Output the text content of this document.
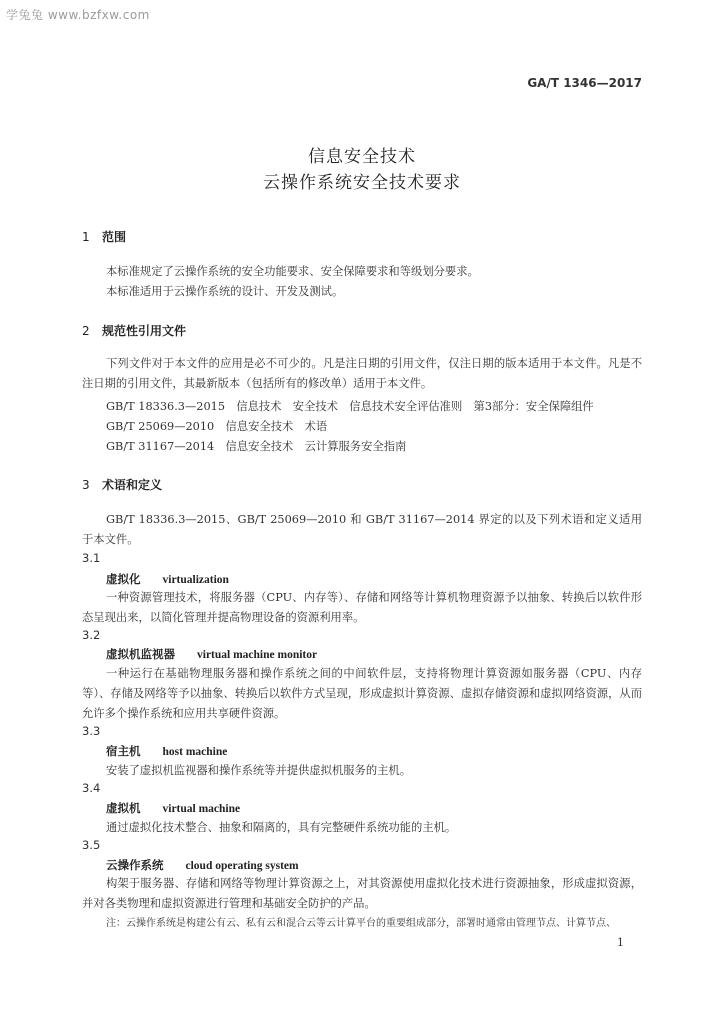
学兔兔 www.bzfxw.com
GA/T 1346—2017
信息安全技术
云操作系统安全技术要求
1 范围
本标准规定了云操作系统的安全功能要求、安全保障要求和等级划分要求。
本标准适用于云操作系统的设计、开发及测试。
2 规范性引用文件
下列文件对于本文件的应用是必不可少的。凡是注日期的引用文件，仅注日期的版本适用于本文件。凡是不注日期的引用文件，其最新版本（包括所有的修改单）适用于本文件。
GB/T 18336.3—2015　信息技术　安全技术　信息技术安全评估准则　第3部分：安全保障组件
GB/T 25069—2010　信息安全技术　术语
GB/T 31167—2014　信息安全技术　云计算服务安全指南
3 术语和定义
GB/T 18336.3—2015、GB/T 25069—2010 和 GB/T 31167—2014 界定的以及下列术语和定义适用于本文件。
3.1
虚拟化 virtualization
一种资源管理技术，将服务器（CPU、内存等）、存储和网络等计算机物理资源予以抽象、转换后以软件形态呈现出来，以简化管理并提高物理设备的资源利用率。
3.2
虚拟机监视器 virtual machine monitor
一种运行在基础物理服务器和操作系统之间的中间软件层，支持将物理计算资源如服务器（CPU、内存等）、存储及网络等予以抽象、转换后以软件方式呈现，形成虚拟计算资源、虚拟存储资源和虚拟网络资源，从而允许多个操作系统和应用共享硬件资源。
3.3
宿主机 host machine
安装了虚拟机监视器和操作系统等并提供虚拟机服务的主机。
3.4
虚拟机 virtual machine
通过虚拟化技术整合、抽象和隔离的，具有完整硬件系统功能的主机。
3.5
云操作系统 cloud operating system
构架于服务器、存储和网络等物理计算资源之上，对其资源使用虚拟化技术进行资源抽象，形成虚拟资源，并对各类物理和虚拟资源进行管理和基础安全防护的产品。
注：云操作系统是构建公有云、私有云和混合云等云计算平台的重要组成部分，部署时通常由管理节点、计算节点、
1
